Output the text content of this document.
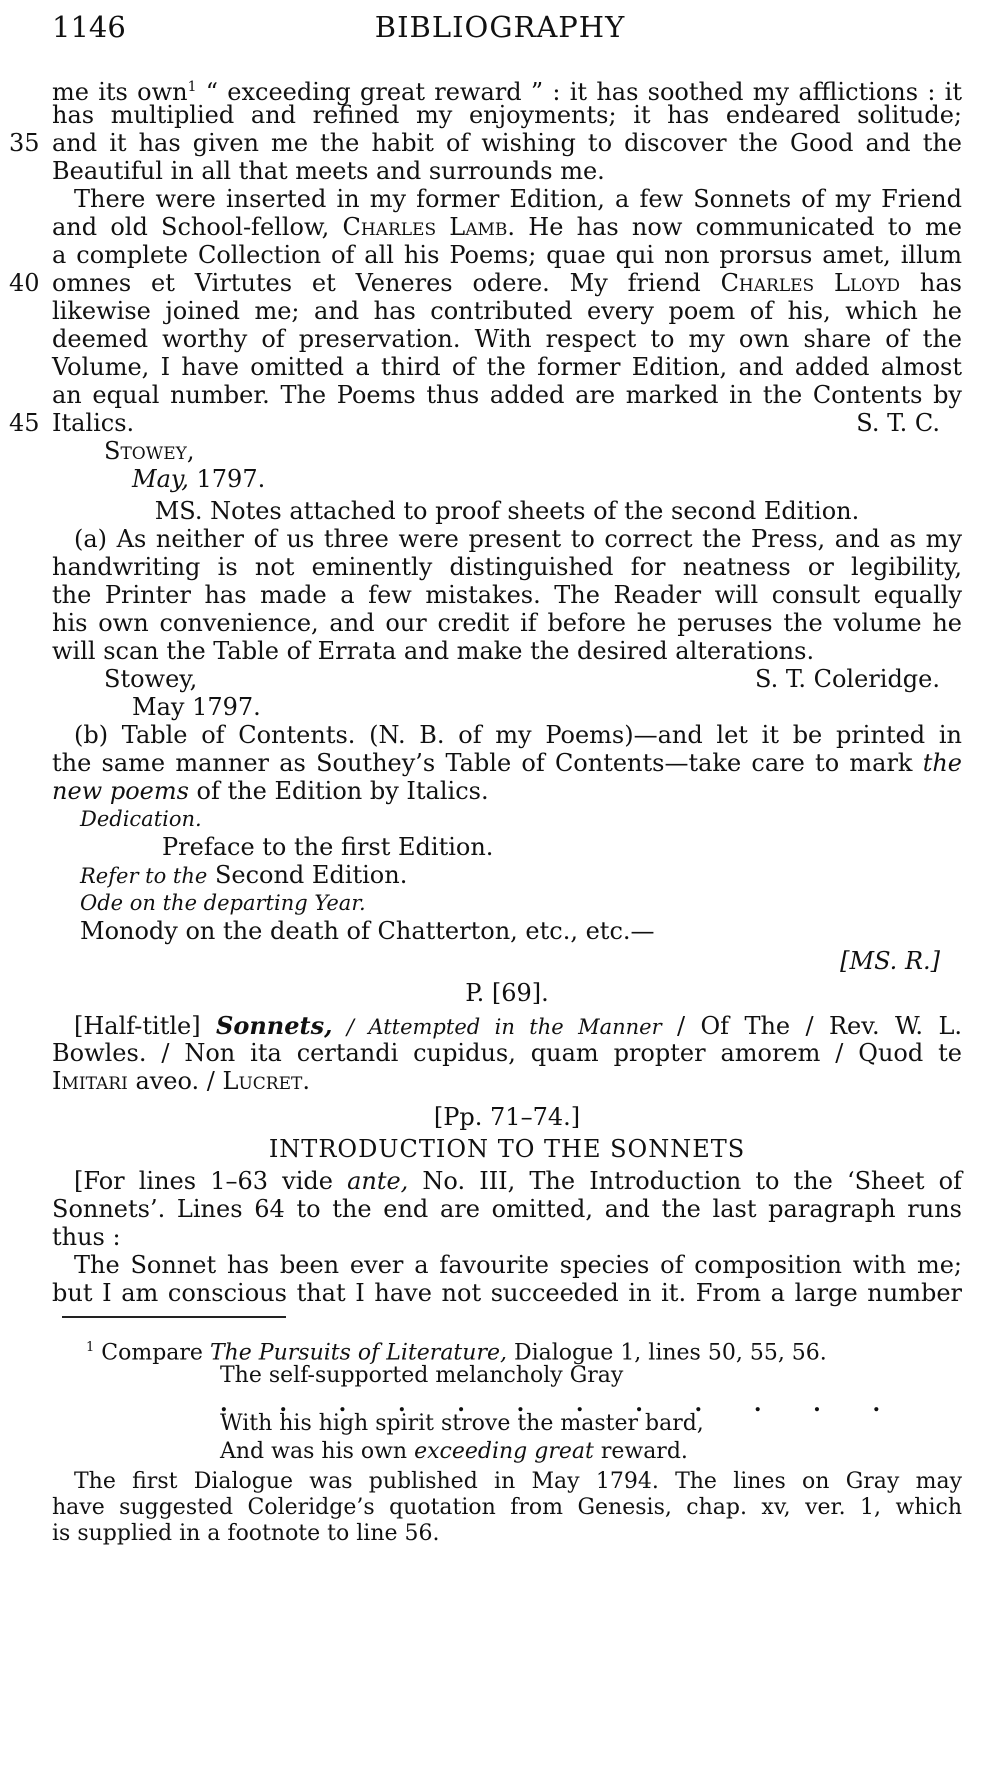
1146	BIBLIOGRAPHY
35
40
45
me its own$^1$ “ exceeding great reward ” : it has soothed my afflictions : it
has multiplied and refined my enjoyments; it has endeared solitude;
and it has given me the habit of wishing to discover the Good and the
Beautiful in all that meets and surrounds me.
There were inserted in my former Edition, a few Sonnets of my Friend
and old School-fellow, Charles Lamb. He has now communicated to me
a complete Collection of all his Poems; quae qui non prorsus amet, illum
omnes et Virtutes et Veneres odere. My friend Charles Lloyd has
likewise joined me; and has contributed every poem of his, which he
deemed worthy of preservation. With respect to my own share of the
Volume, I have omitted a third of the former Edition, and added almost
an equal number. The Poems thus added are marked in the Contents by
Italics.	S. T. C.
Stowey,
May, 1797.
MS. Notes attached to proof sheets of the second Edition.
(a) As neither of us three were present to correct the Press, and as my
handwriting is not eminently distinguished for neatness or legibility,
the Printer has made a few mistakes. The Reader will consult equally
his own convenience, and our credit if before he peruses the volume he
will scan the Table of Errata and make the desired alterations.
Stowey,	S. T. Coleridge.
May 1797.
(b) Table of Contents. (N. B. of my Poems)—and let it be printed in
the same manner as Southey’s Table of Contents—take care to mark the
new poems of the Edition by Italics.
Dedication.
Preface to the first Edition.
Refer to the Second Edition.
Ode on the departing Year.
Monody on the death of Chatterton, etc., etc.—
[MS. R.]
P. [69].
[Half-title] Sonnets, / Attempted in the Manner / Of The / Rev. W. L.
Bowles. / Non ita certandi cupidus, quam propter amorem / Quod te
Imitari aveo. / Lucret.
[Pp. 71–74.]
INTRODUCTION TO THE SONNETS
[For lines 1–63 vide ante, No. III, The Introduction to the ‘Sheet of
Sonnets’. Lines 64 to the end are omitted, and the last paragraph runs
thus :
The Sonnet has been ever a favourite species of composition with me;
but I am conscious that I have not succeeded in it. From a large number
$^1$ Compare The Pursuits of Literature, Dialogue 1, lines 50, 55, 56.
The self-supported melancholy Gray
. . . . . . . . . . . .
With his high spirit strove the master bard,
And was his own exceeding great reward.
The first Dialogue was published in May 1794. The lines on Gray may
have suggested Coleridge’s quotation from Genesis, chap. xv, ver. 1, which
is supplied in a footnote to line 56.
